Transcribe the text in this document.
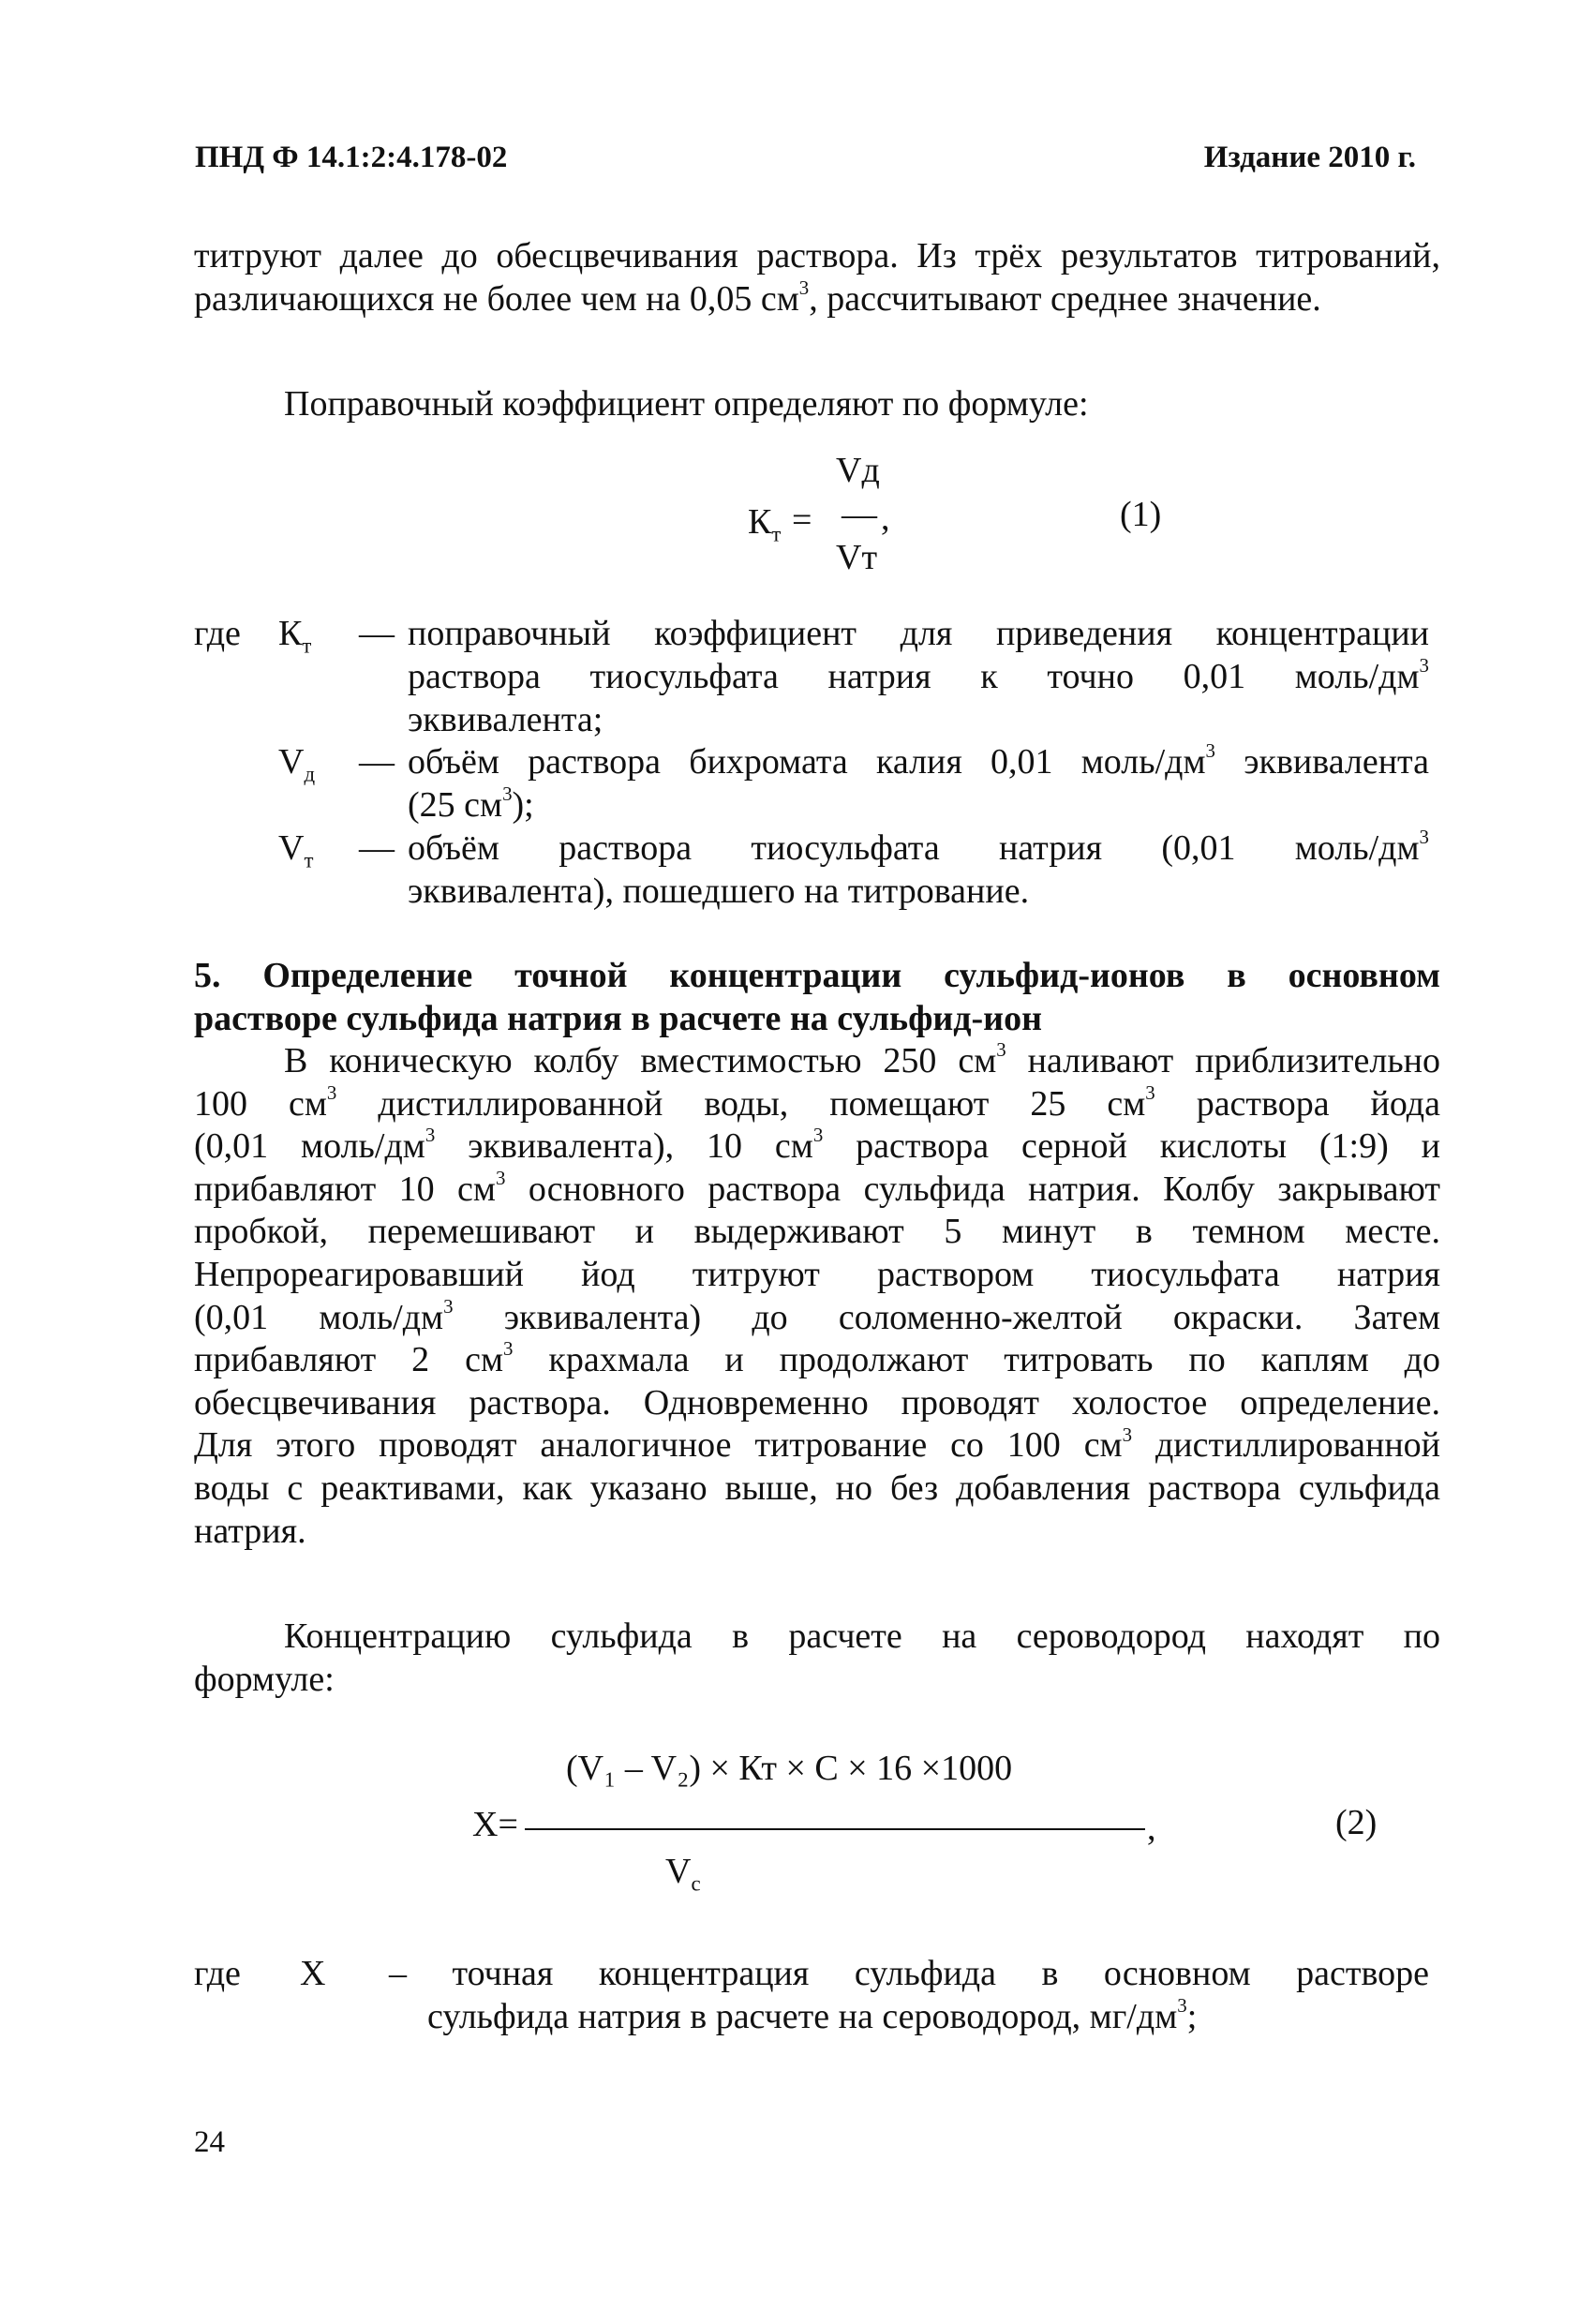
ПНД Ф 14.1:2:4.178-02	Издание 2010 г.
титруют далее до обесцвечивания раствора. Из трёх результатов титрований,
различающихся не более чем на 0,05 $см^3$, рассчитывают среднее значение.
Поправочный коэффициент определяют по формуле:
$К_т$ =
Vд
— ,
Vт
(1)
где $К_т$ — поправочный коэффициент для приведения концентрации
раствора тиосульфата натрия к точно 0,01 моль/$дм^3$
эквивалента;
$V_д$ — объём раствора бихромата калия 0,01 моль/$дм^3$ эквивалента
(25 $см^3$);
$V_т$ — объём раствора тиосульфата натрия (0,01 моль/$дм^3$
эквивалента), пошедшего на титрование.
5. Определение точной концентрации сульфид-ионов в основном
растворе сульфида натрия в расчете на сульфид-ион
В коническую колбу вместимостью 250 $см^3$ наливают приблизительно
100 $см^3$ дистиллированной воды, помещают 25 $см^3$ раствора йода
(0,01 моль/$дм^3$ эквивалента), 10 $см^3$ раствора серной кислоты (1:9) и
прибавляют 10 $см^3$ основного раствора сульфида натрия. Колбу закрывают
пробкой, перемешивают и выдерживают 5 минут в темном месте.
Непрореагировавший йод титруют раствором тиосульфата натрия
(0,01 моль/$дм^3$ эквивалента) до соломенно-желтой окраски. Затем
прибавляют 2 $см^3$ крахмала и продолжают титровать по каплям до
обесцвечивания раствора. Одновременно проводят холостое определение.
Для этого проводят аналогичное титрование со 100 $см^3$ дистиллированной
воды с реактивами, как указано выше, но без добавления раствора сульфида
натрия.
Концентрацию сульфида в расчете на сероводород находят по
формуле:
(V₁ – V₂) × Кт × С × 16 ×1000
X=	,
$V_с$
(2)
где X – точная концентрация сульфида в основном растворе
сульфида натрия в расчете на сероводород, $мг/дм^3$;
24
